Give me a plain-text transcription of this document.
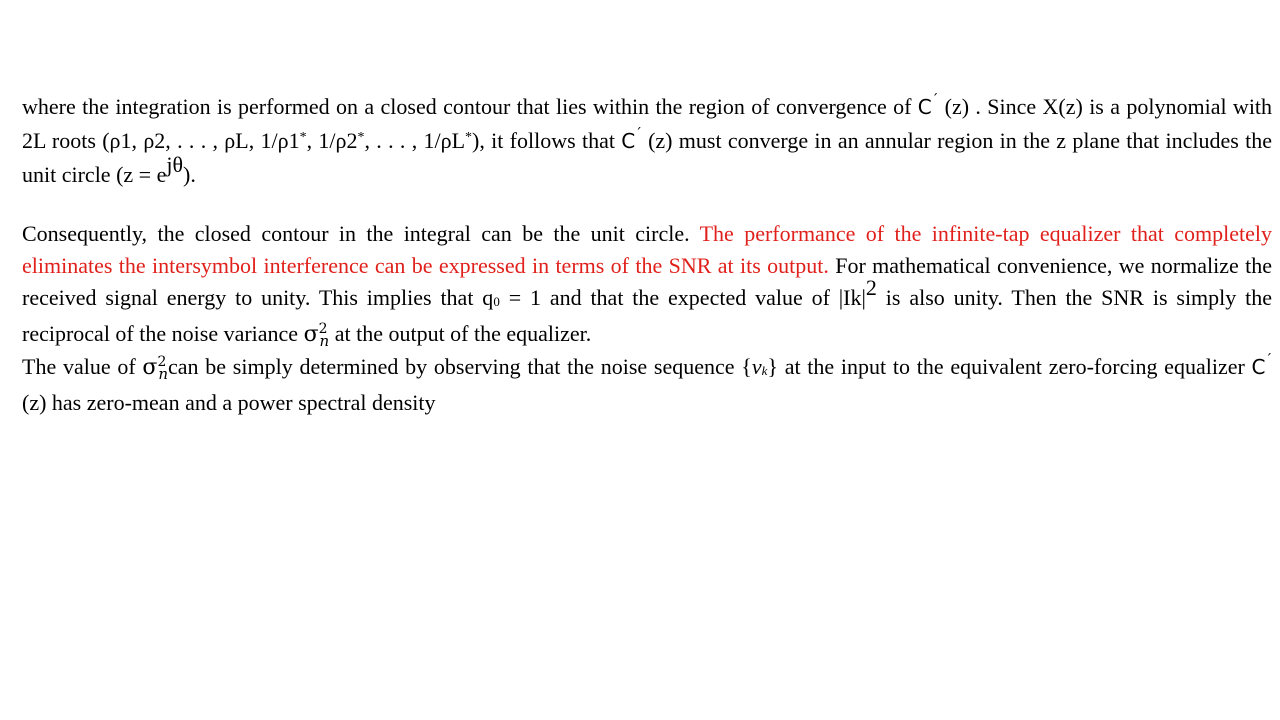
where the integration is performed on a closed contour that lies within the region of convergence of C´ (z) . Since X(z) is a polynomial with 2L roots (ρ1, ρ2, . . . , ρL, 1/ρ1*, 1/ρ2*, . . . , 1/ρL*), it follows that C´ (z) must converge in an annular region in the z plane that includes the unit circle (z = ejθ).

Consequently, the closed contour in the integral can be the unit circle. The performance of the infinite-tap equalizer that completely eliminates the intersymbol interference can be expressed in terms of the SNR at its output. For mathematical convenience, we normalize the received signal energy to unity. This implies that q0 = 1 and that the expected value of |Ik|2 is also unity. Then the SNR is simply the reciprocal of the noise variance $\sigma^2_n$ at the output of the equalizer.

The value of $\sigma^2_ncan$ be simply determined by observing that the noise sequence {νk} at the input to the equivalent zero-forcing equalizer C´ (z) has zero-mean and a power spectral density
